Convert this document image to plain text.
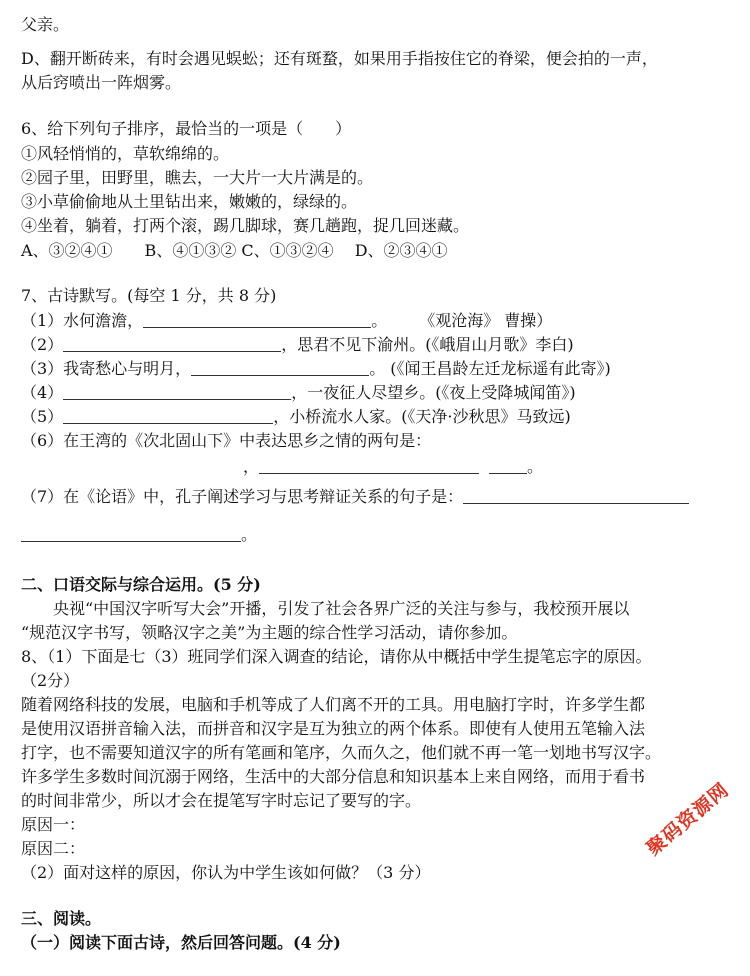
父亲。
D、翻开断砖来，有时会遇见蜈蚣；还有斑蝥，如果用手指按住它的脊梁，便会拍的一声，
从后窍喷出一阵烟雾。
6、给下列句子排序，最恰当的一项是（　　）
①风轻悄悄的，草软绵绵的。
②园子里，田野里，瞧去，一大片一大片满是的。
③小草偷偷地从土里钻出来，嫩嫩的，绿绿的。
④坐着，躺着，打两个滚，踢几脚球，赛几趟跑，捉几回迷藏。
A、③②④①　　B、④①③② C、①③②④　 D、②③④①
7、古诗默写。(每空 1 分，共 8 分)
（1）水何澹澹，	。　　　《观沧海》 曹操）
（2）	，思君不见下渝州。(《峨眉山月歌》李白)
（3）我寄愁心与明月，	。 (《闻王昌龄左迁龙标遥有此寄》)
（4）	，一夜征人尽望乡。(《夜上受降城闻笛》)
（5）	，小桥流水人家。(《天净·沙秋思》马致远)
（6）在王湾的《次北固山下》中表达思乡之情的两句是：
，	。
（7）在《论语》中，孔子阐述学习与思考辩证关系的句子是：
。
二、口语交际与综合运用。(5 分)
　　央视“中国汉字听写大会”开播，引发了社会各界广泛的关注与参与，我校预开展以
“规范汉字书写，领略汉字之美”为主题的综合性学习活动，请你参加。
8、（1）下面是七（3）班同学们深入调查的结论，请你从中概括中学生提笔忘字的原因。
（2分）
随着网络科技的发展，电脑和手机等成了人们离不开的工具。用电脑打字时，许多学生都
是使用汉语拼音输入法，而拼音和汉字是互为独立的两个体系。即使有人使用五笔输入法
打字，也不需要知道汉字的所有笔画和笔序，久而久之，他们就不再一笔一划地书写汉字。
许多学生多数时间沉溺于网络，生活中的大部分信息和知识基本上来自网络，而用于看书
的时间非常少，所以才会在提笔写字时忘记了要写的字。
原因一：
原因二：
（2）面对这样的原因，你认为中学生该如何做？（3 分）
三、阅读。
（一）阅读下面古诗，然后回答问题。(4 分)
聚码资源网
